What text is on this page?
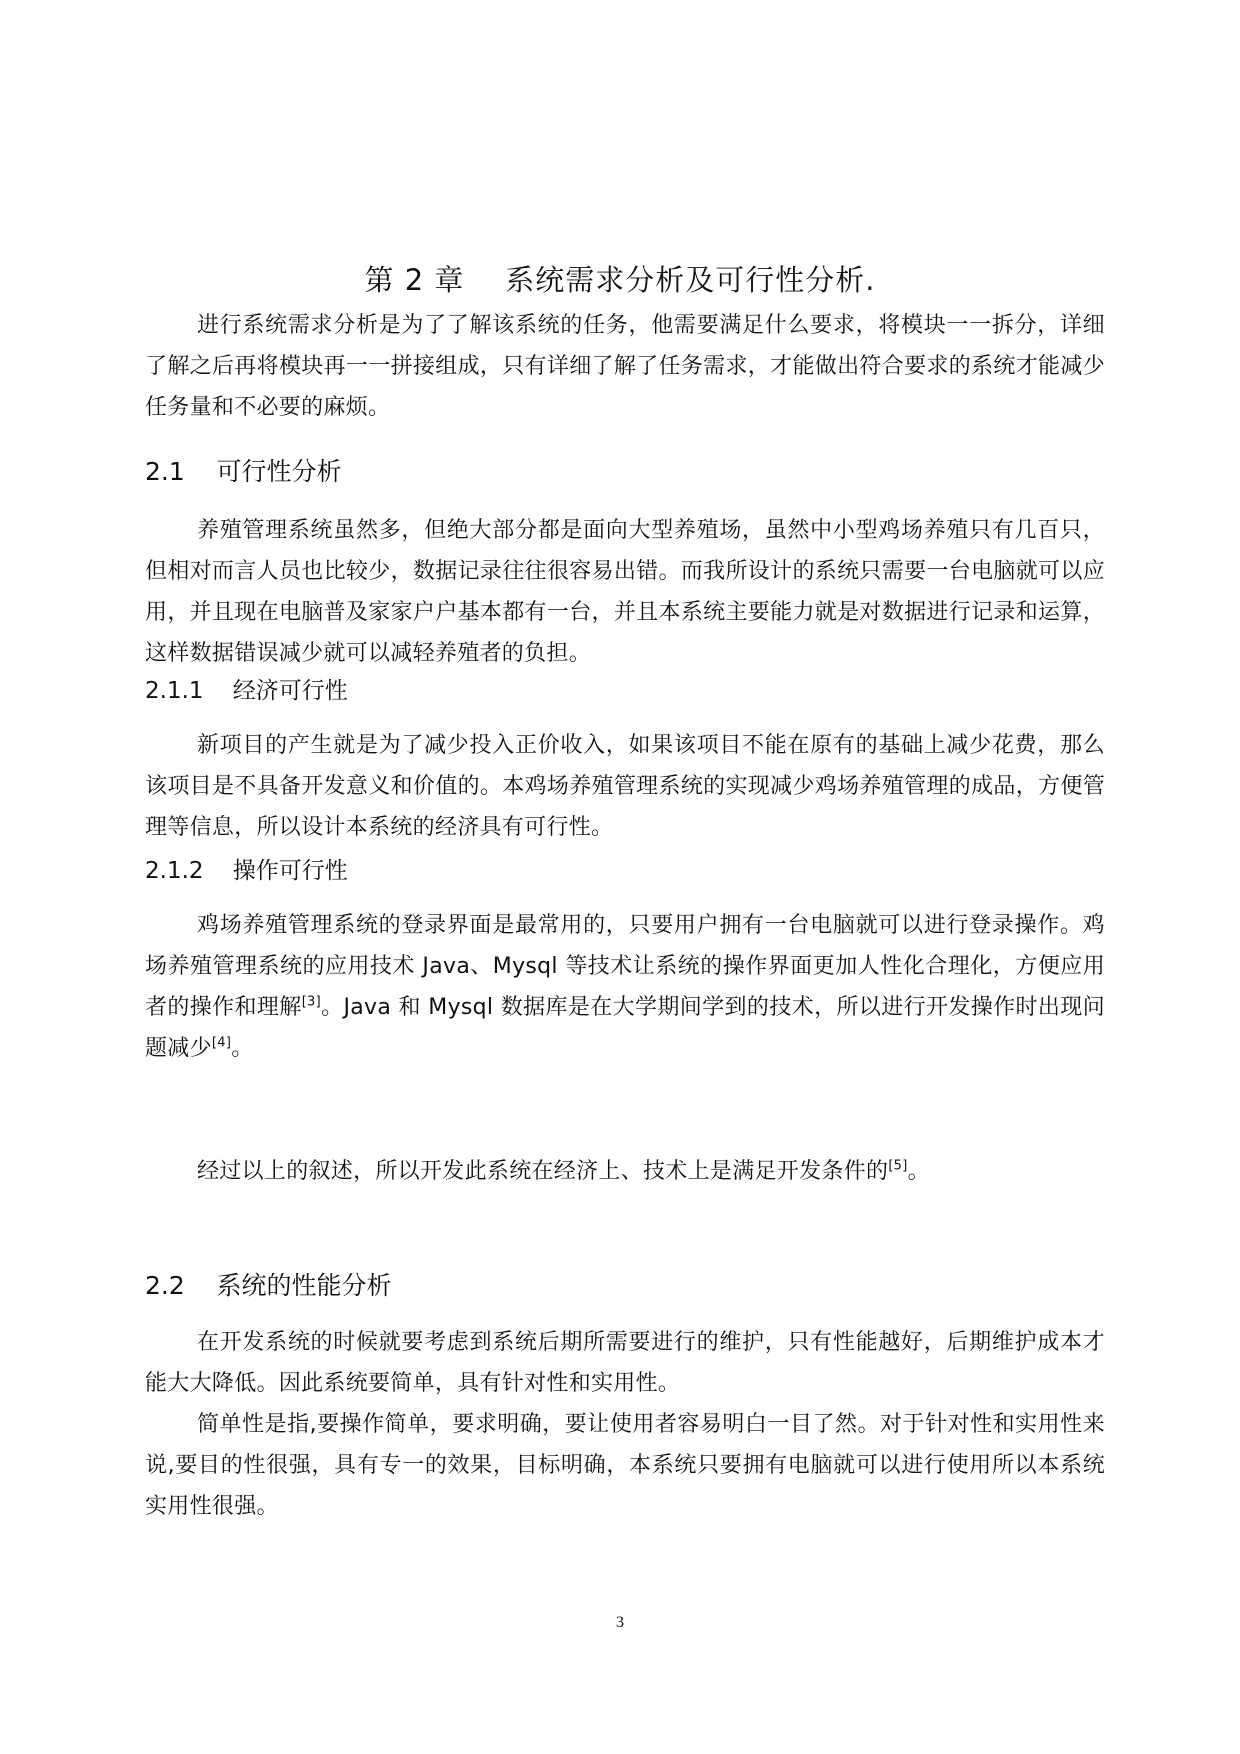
第 2 章    系统需求分析及可行性分析.

进行系统需求分析是为了了解该系统的任务，他需要满足什么要求，将模块一一拆分，详细了解之后再将模块再一一拼接组成，只有详细了解了任务需求，才能做出符合要求的系统才能减少任务量和不必要的麻烦。

2.1    可行性分析

养殖管理系统虽然多，但绝大部分都是面向大型养殖场，虽然中小型鸡场养殖只有几百只，但相对而言人员也比较少，数据记录往往很容易出错。而我所设计的系统只需要一台电脑就可以应用，并且现在电脑普及家家户户基本都有一台，并且本系统主要能力就是对数据进行记录和运算，这样数据错误减少就可以减轻养殖者的负担。

2.1.1    经济可行性

新项目的产生就是为了减少投入正价收入，如果该项目不能在原有的基础上减少花费，那么该项目是不具备开发意义和价值的。本鸡场养殖管理系统的实现减少鸡场养殖管理的成品，方便管理等信息，所以设计本系统的经济具有可行性。

2.1.2    操作可行性

鸡场养殖管理系统的登录界面是最常用的，只要用户拥有一台电脑就可以进行登录操作。鸡场养殖管理系统的应用技术 Java、Mysql 等技术让系统的操作界面更加人性化合理化，方便应用者的操作和理解[3]。Java 和 Mysql 数据库是在大学期间学到的技术，所以进行开发操作时出现问题减少[4]。

经过以上的叙述，所以开发此系统在经济上、技术上是满足开发条件的[5]。

2.2    系统的性能分析

在开发系统的时候就要考虑到系统后期所需要进行的维护，只有性能越好，后期维护成本才能大大降低。因此系统要简单，具有针对性和实用性。

简单性是指,要操作简单，要求明确，要让使用者容易明白一目了然。对于针对性和实用性来说,要目的性很强，具有专一的效果，目标明确，本系统只要拥有电脑就可以进行使用所以本系统实用性很强。

3
